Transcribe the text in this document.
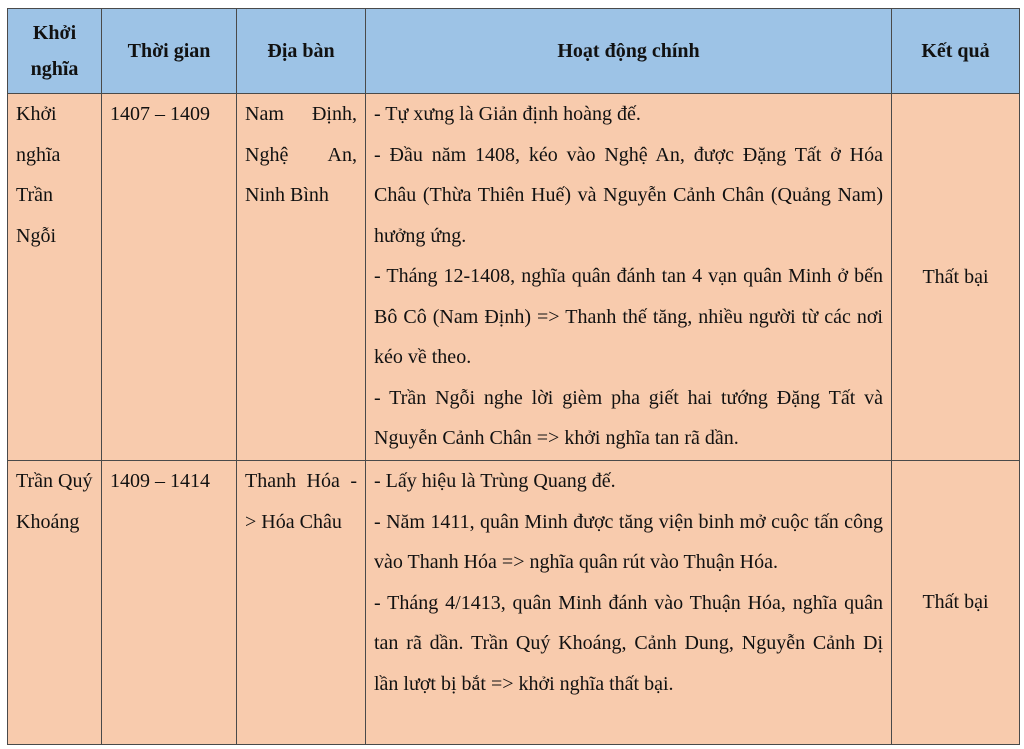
Khởi nghĩa	Thời gian	Địa bàn	Hoạt động chính	Kết quả
Khởi nghĩa Trần Ngỗi	1407 – 1409	Nam Định, Nghệ An, Ninh Bình	- Tự xưng là Giản định hoàng đế.
- Đầu năm 1408, kéo vào Nghệ An, được Đặng Tất ở Hóa Châu (Thừa Thiên Huế) và Nguyễn Cảnh Chân (Quảng Nam) hưởng ứng.
- Tháng 12-1408, nghĩa quân đánh tan 4 vạn quân Minh ở bến Bô Cô (Nam Định) => Thanh thế tăng, nhiều người từ các nơi kéo về theo.
- Trần Ngỗi nghe lời gièm pha giết hai tướng Đặng Tất và Nguyễn Cảnh Chân => khởi nghĩa tan rã dần.	Thất bại
Trần Quý Khoáng	1409 – 1414	Thanh Hóa -> Hóa Châu	- Lấy hiệu là Trùng Quang đế.
- Năm 1411, quân Minh được tăng viện binh mở cuộc tấn công vào Thanh Hóa => nghĩa quân rút vào Thuận Hóa.
- Tháng 4/1413, quân Minh đánh vào Thuận Hóa, nghĩa quân tan rã dần. Trần Quý Khoáng, Cảnh Dung, Nguyễn Cảnh Dị lần lượt bị bắt => khởi nghĩa thất bại.	Thất bại
